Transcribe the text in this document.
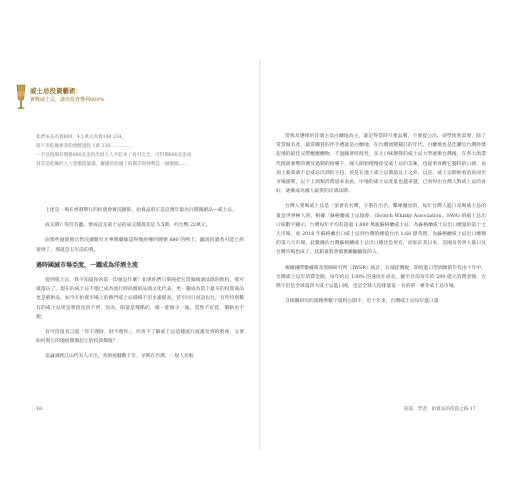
威士忌投資藝術：
實戰威士忌，讓你投資獲利800%
私們多長為賣800，4.1萬元為賣148 234，
接下來乾燥麥芽的發酵過程 1萬 230…………，
一不見現場有價格880美金的出現大人平起來了看可完全，可得價880美金而
發其是乾燥的主人想價值暴漲，屢漲的抬頭上的價差與強勢是一個漲價……

上述是一場在香港舉行的拍賣會實況錄影，拍賣品項正是這幾年最為行銷獨創品—威士忌。

成交價？你沒有聽，要成這支威士忌的成交價落差是 5.5萬，約台幣 22萬元。

而那些疑賠賣官售次總數有才華牌藥師認得幾經傳的牌號 880 的例上，聽說的讀者可能已經猜到了，那就是五年前的我。

過時國減市場亞度，一躍成為洋酒主流

提到威士忌，我不知道你的第一印象是什麼？如果你們只單純把它當做喝酒品飲的飲料，那可就落伍了。現在的威士忌不僅已成為流行時尚圈的品酒文化代表，更一躍成為當下最夯的投資商品也是藝術品，如今在拍賣市場上的熱門威士忌價格不但水漲船高，甚至同日而語以往，有些特別稀有的威士忌更是想買也買不到，因為，限量是殘酷的，唯一能做少一瓶，當然不好買，價格也不便。

有可投資者言道「你不理財，財不理你」，你喜不了解威士忌這樣流行波漲及到的奧祕，又要如何與它的地板開價起它的投資價值？

追論酒跨江山代有人才出，各領風騷數千年，早期在台灣，一般人比較

常喝及選擇的洋酒主以白蘭地為主，誰記得當時只要品嚐，不要提公出，卻學使客需要，除了常當做名產，最常購買的伴手禮就是白蘭地，在台灣流變鋪註的年代，白蘭地也是佳購官台灣經濟起飛的最佳交際應應酬物，不過隨著時演性，多元口味選擇的威士忌大學逐漸台灣後，在各大酒業代理商強勢的選及過銷的推導下，國人開始慢慢接受威士忌的美味，也從事喜歡它獨特的口感，再加上葡萄酒不足威忌洋酒的主持，於是在地上威士忌價值以上之外，以是，威士忌開始看清高而至市場鴻利，以下上酒類消費量來表看，中地的威士忌產量也越來越，已看得出台灣人對威士忌的喜好，逐漸成為國人最愛的洋酒品牌。

台灣人愛喝威士忌是「頂著有名聲，下港有出名」擊眾優見的，每年台灣人進口及喝威士忌的量是世界極人的，根據「蘇格蘭威士忌協會」(Scotch Whisky Association，SWA) 的威士忌出口統數字顯示，台灣每年平均有超過 1,880 萬瓶蘇格蘭威士忌，為蘇格蘭威士忌出口總量的第十七大市場，而 2018 年蘇格蘭出口威士忌到台灣的總值台出 1.68 億英鎊，為蘇格蘭威士忌出口總額的第六大市場，此數據佔台灣蘇格蘭威士忌出口總比是更有，而加計其日本、美國及各事大量口及台灣市場也成了，其銷量將會價裹繼驗驗賞的人。

根據國際數據商及黑師研究所（IWSR）統計，在減從圍稅，開放進口型酒類的年代由十年中，台灣威士忌年消費金額，每年約以 130% 的速度在成長，截至目前每年約 280 億元消費金額，台灣不但是全球第四大威士忌進口國，也是全球人均排量第一名的單一麥芽威士忌市場。

自相關研究的深精準數字資料公開不，近十年來，台灣威士忌每年進口量

16	前篇．學習．拍賣品的投資之路 17
